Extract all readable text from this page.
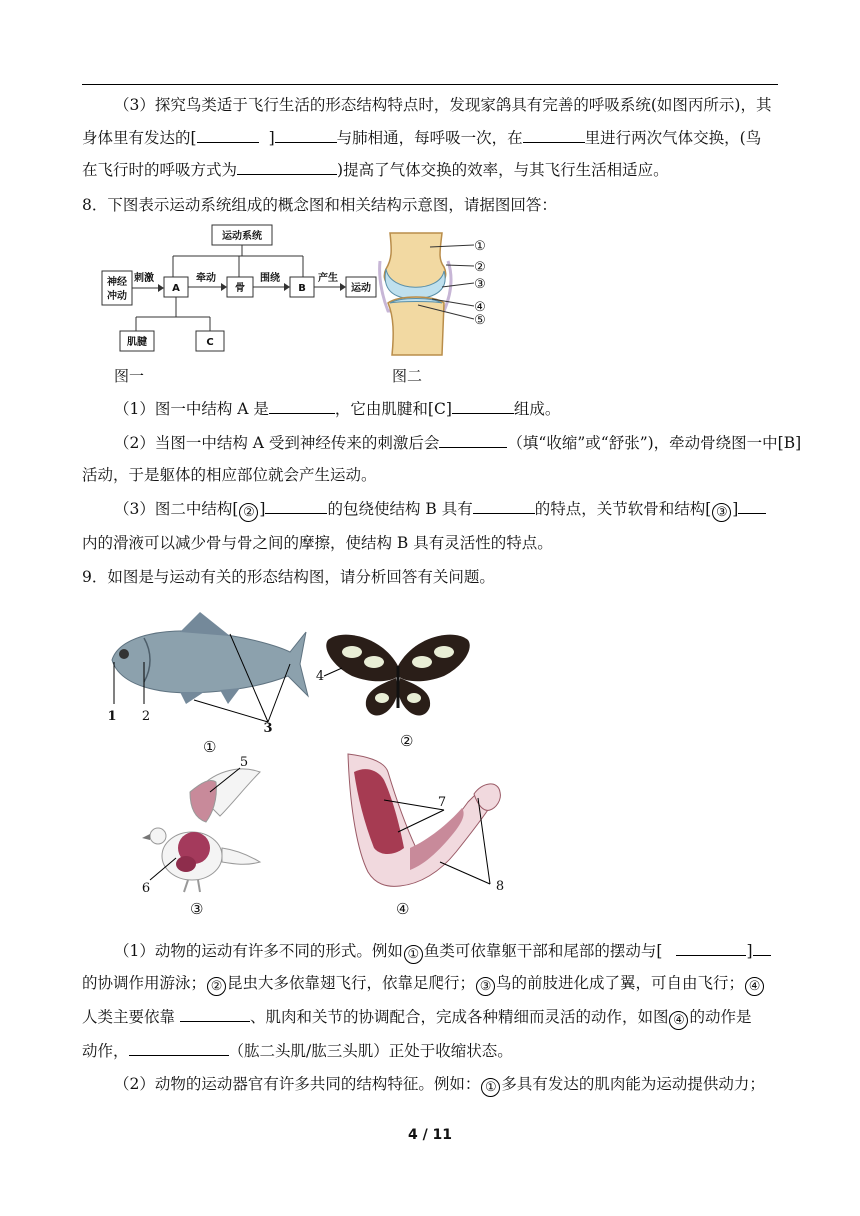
（3）探究鸟类适于飞行生活的形态结构特点时，发现家鸽具有完善的呼吸系统(如图丙所示)，其
身体里有发达的[	]	与肺相通，每呼吸一次，在	里进行两次气体交换，(鸟
在飞行时的呼吸方式为	)提高了气体交换的效率，与其飞行生活相适应。
8．下图表示运动系统组成的概念图和相关结构示意图，请据图回答：
运动系统
神经
冲动
刺激
A
牵动
骨
围绕
B
产生
运动
肌腱	C
①
②
③
④
⑤
图一	图二
（1）图一中结构 A 是	，它由肌腱和[C]	组成。
（2）当图一中结构 A 受到神经传来的刺激后会	（填“收缩”或“舒张”)，牵动骨绕图一中[B]
活动，于是躯体的相应部位就会产生运动。
（3）图二中结构[ ② ]	的包绕使结构 B 具有	的特点，关节软骨和结构[ ③ ]
内的滑液可以减少骨与骨之间的摩擦，使结构 B 具有灵活性的特点。
9．如图是与运动有关的形态结构图，请分析回答有关问题。
1 2
3
①
4
②
5
6
③
7
8
④
（1）动物的运动有许多不同的形式。例如 ① 鱼类可依靠躯干部和尾部的摆动与[	]
的协调作用游泳； ② 昆虫大多依靠翅飞行，依靠足爬行； ③ 鸟的前肢进化成了翼，可自由飞行； ④
人类主要依靠	、肌肉和关节的协调配合，完成各种精细而灵活的动作，如图 ④ 的动作是
动作，	（肱二头肌/肱三头肌）正处于收缩状态。
（2）动物的运动器官有许多共同的结构特征。例如： ① 多具有发达的肌肉能为运动提供动力；
4 / 11
